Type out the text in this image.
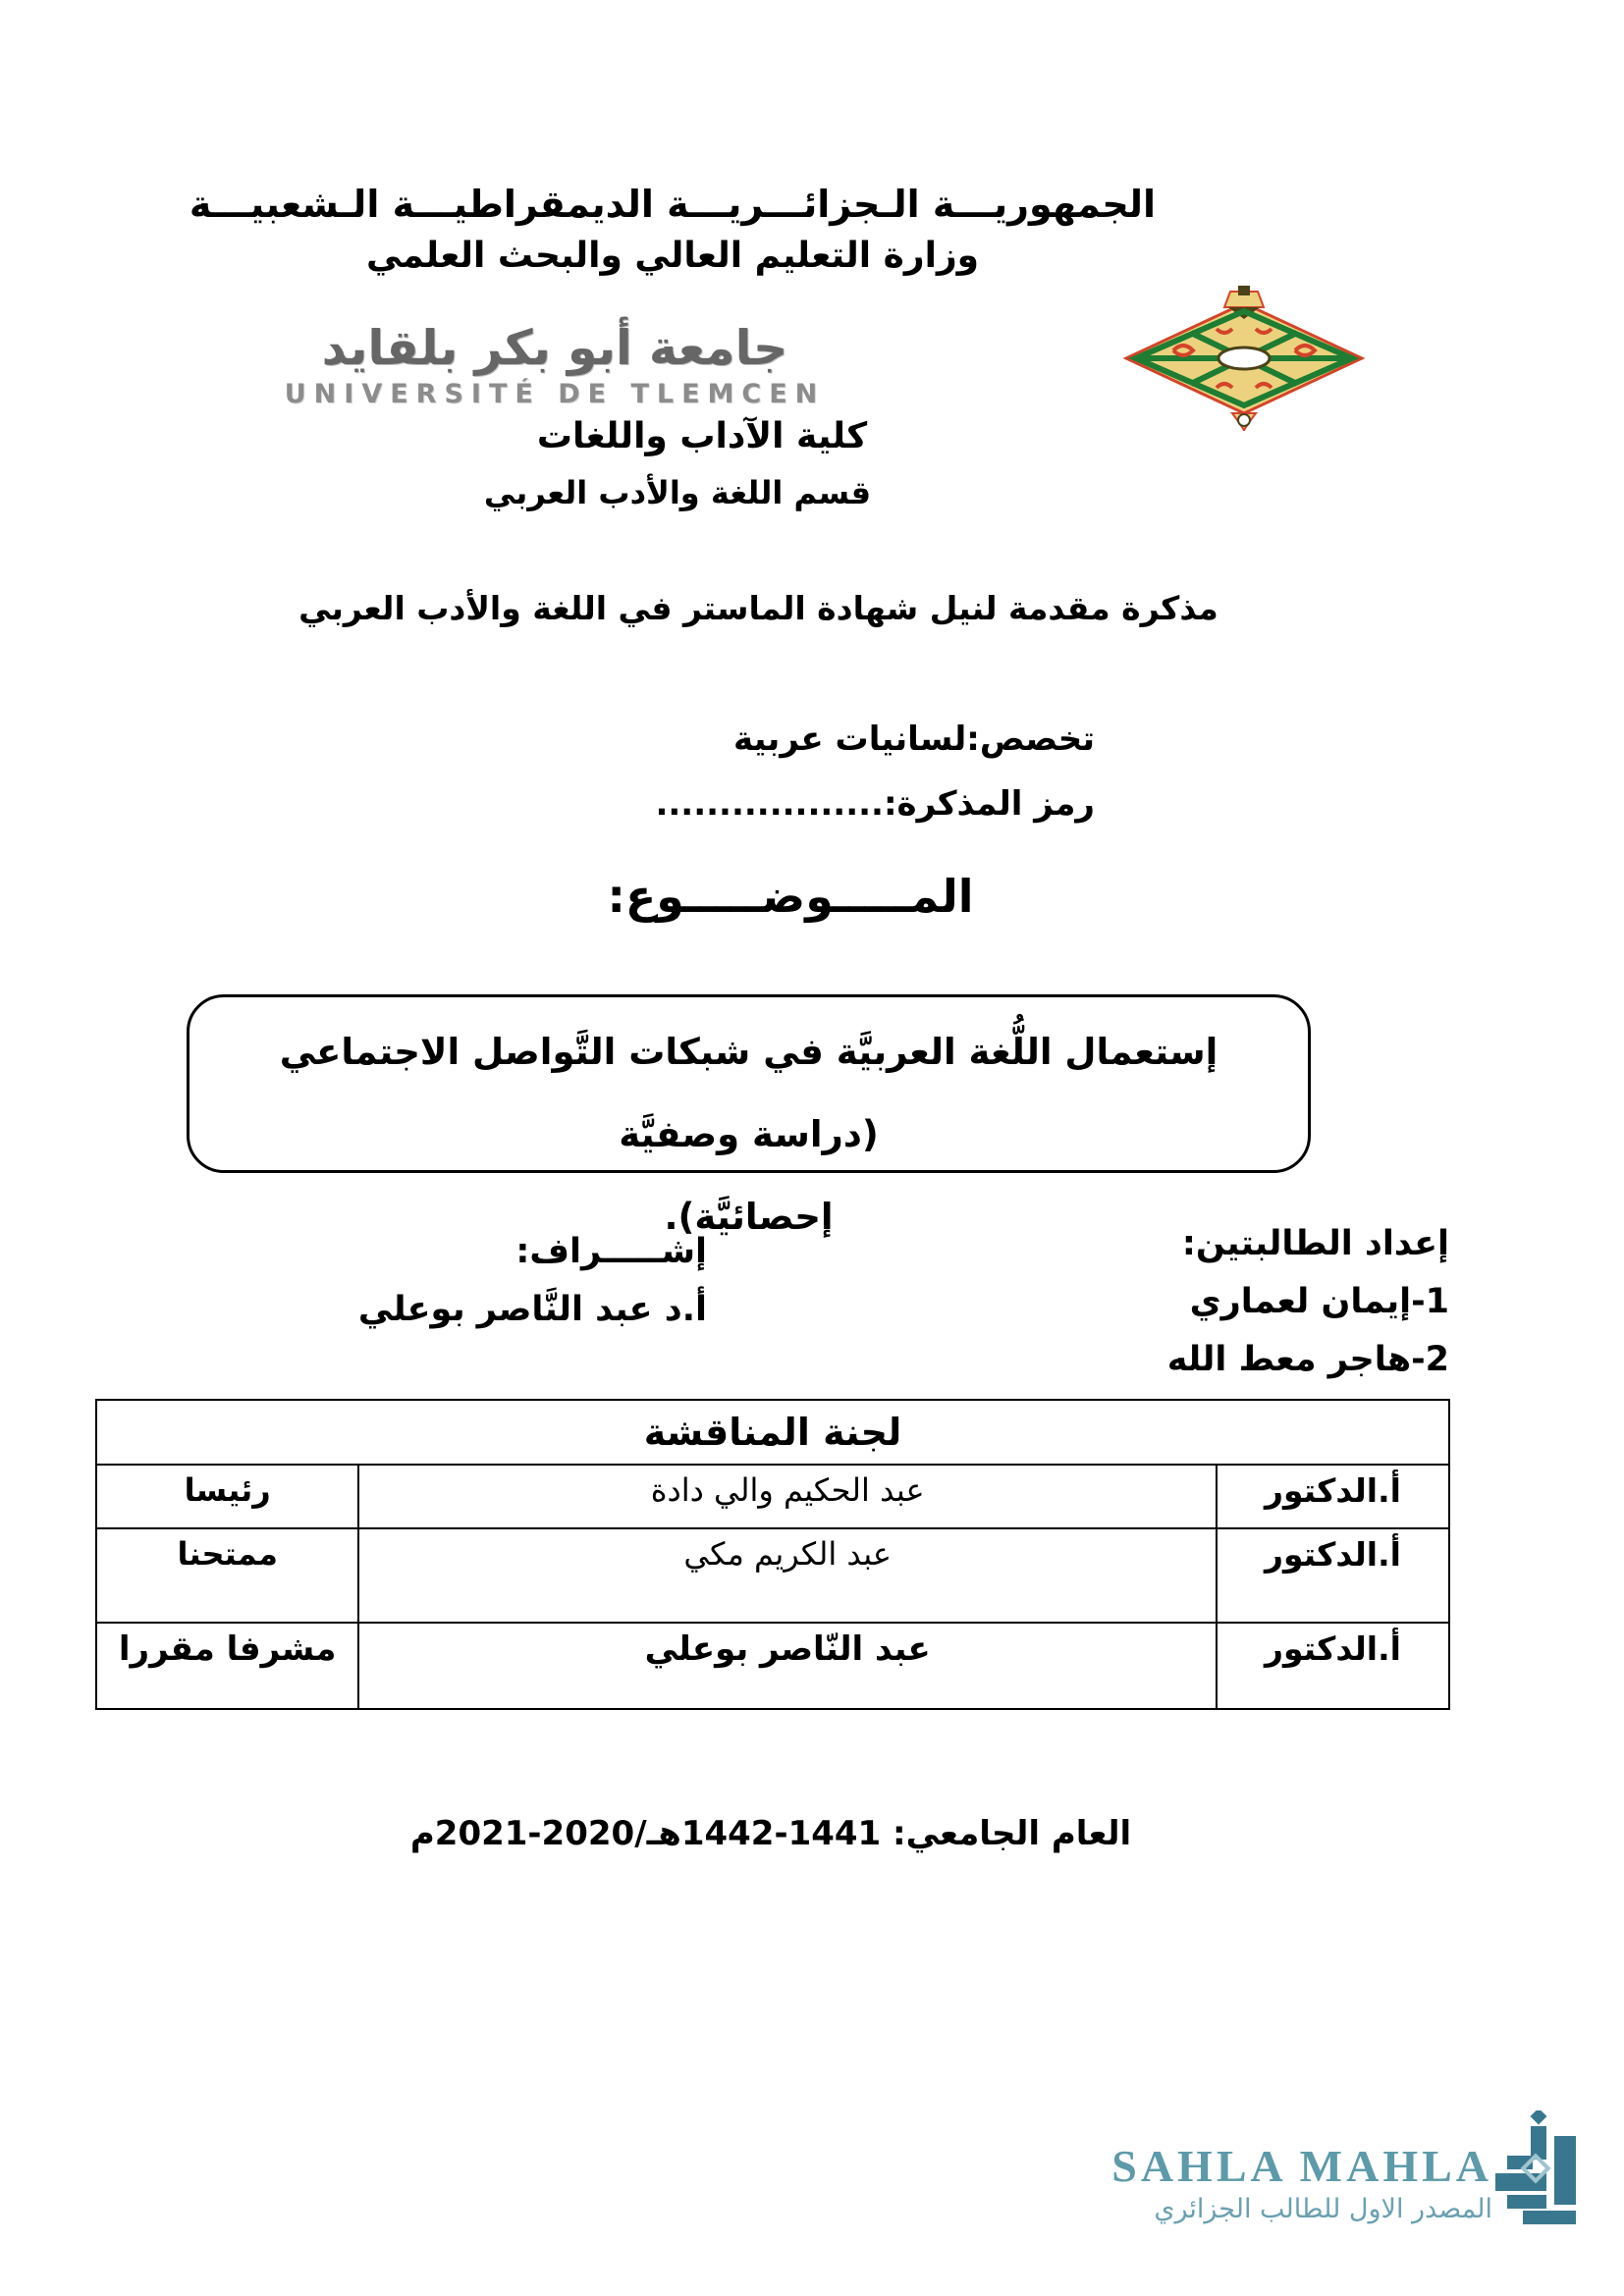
الجمهوريـــة الـجزائـــريـــة الديمقراطيـــة الـشعبيـــة
وزارة التعليم العالي والبحث العلمي
جامعة أبو بكر بلقايد
UNIVERSITÉ DE TLEMCEN
كلية الآداب واللغات
قسم اللغة والأدب العربي
مذكرة مقدمة لنيل شهادة الماستر في اللغة والأدب العربي
تخصص:لسانيات عربية
رمز المذكرة:..................
المـــــوضـــــوع:
إستعمال اللُّغة العربيَّة في شبكات التَّواصل الاجتماعي (دراسة وصفيَّة
إحصائيَّة).
إعداد الطالبتين:
1-إيمان لعماري
2-هاجر معط الله
إشـــــراف:
أ.د عبد النَّاصر بوعلي
لجنة المناقشة		
أ.الدكتور	عبد الحكيم والي دادة	رئيسا
أ.الدكتور	عبد الكريم مكي	ممتحنا
أ.الدكتور	عبد النّاصر بوعلي	مشرفا مقررا
العام الجامعي: 1441-1442هـ/2020-2021م
SAHLA MAHLA
المصدر الاول للطالب الجزائري
